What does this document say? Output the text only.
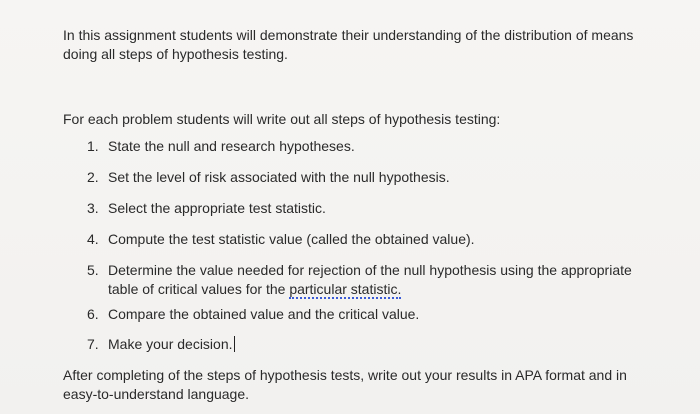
In this assignment students will demonstrate their understanding of the distribution of means
doing all steps of hypothesis testing.
For each problem students will write out all steps of hypothesis testing:
1. State the null and research hypotheses.
2. Set the level of risk associated with the null hypothesis.
3. Select the appropriate test statistic.
4. Compute the test statistic value (called the obtained value).
5. Determine the value needed for rejection of the null hypothesis using the appropriate
table of critical values for the particular statistic.
6. Compare the obtained value and the critical value.
7. Make your decision.
After completing of the steps of hypothesis tests, write out your results in APA format and in
easy-to-understand language.
